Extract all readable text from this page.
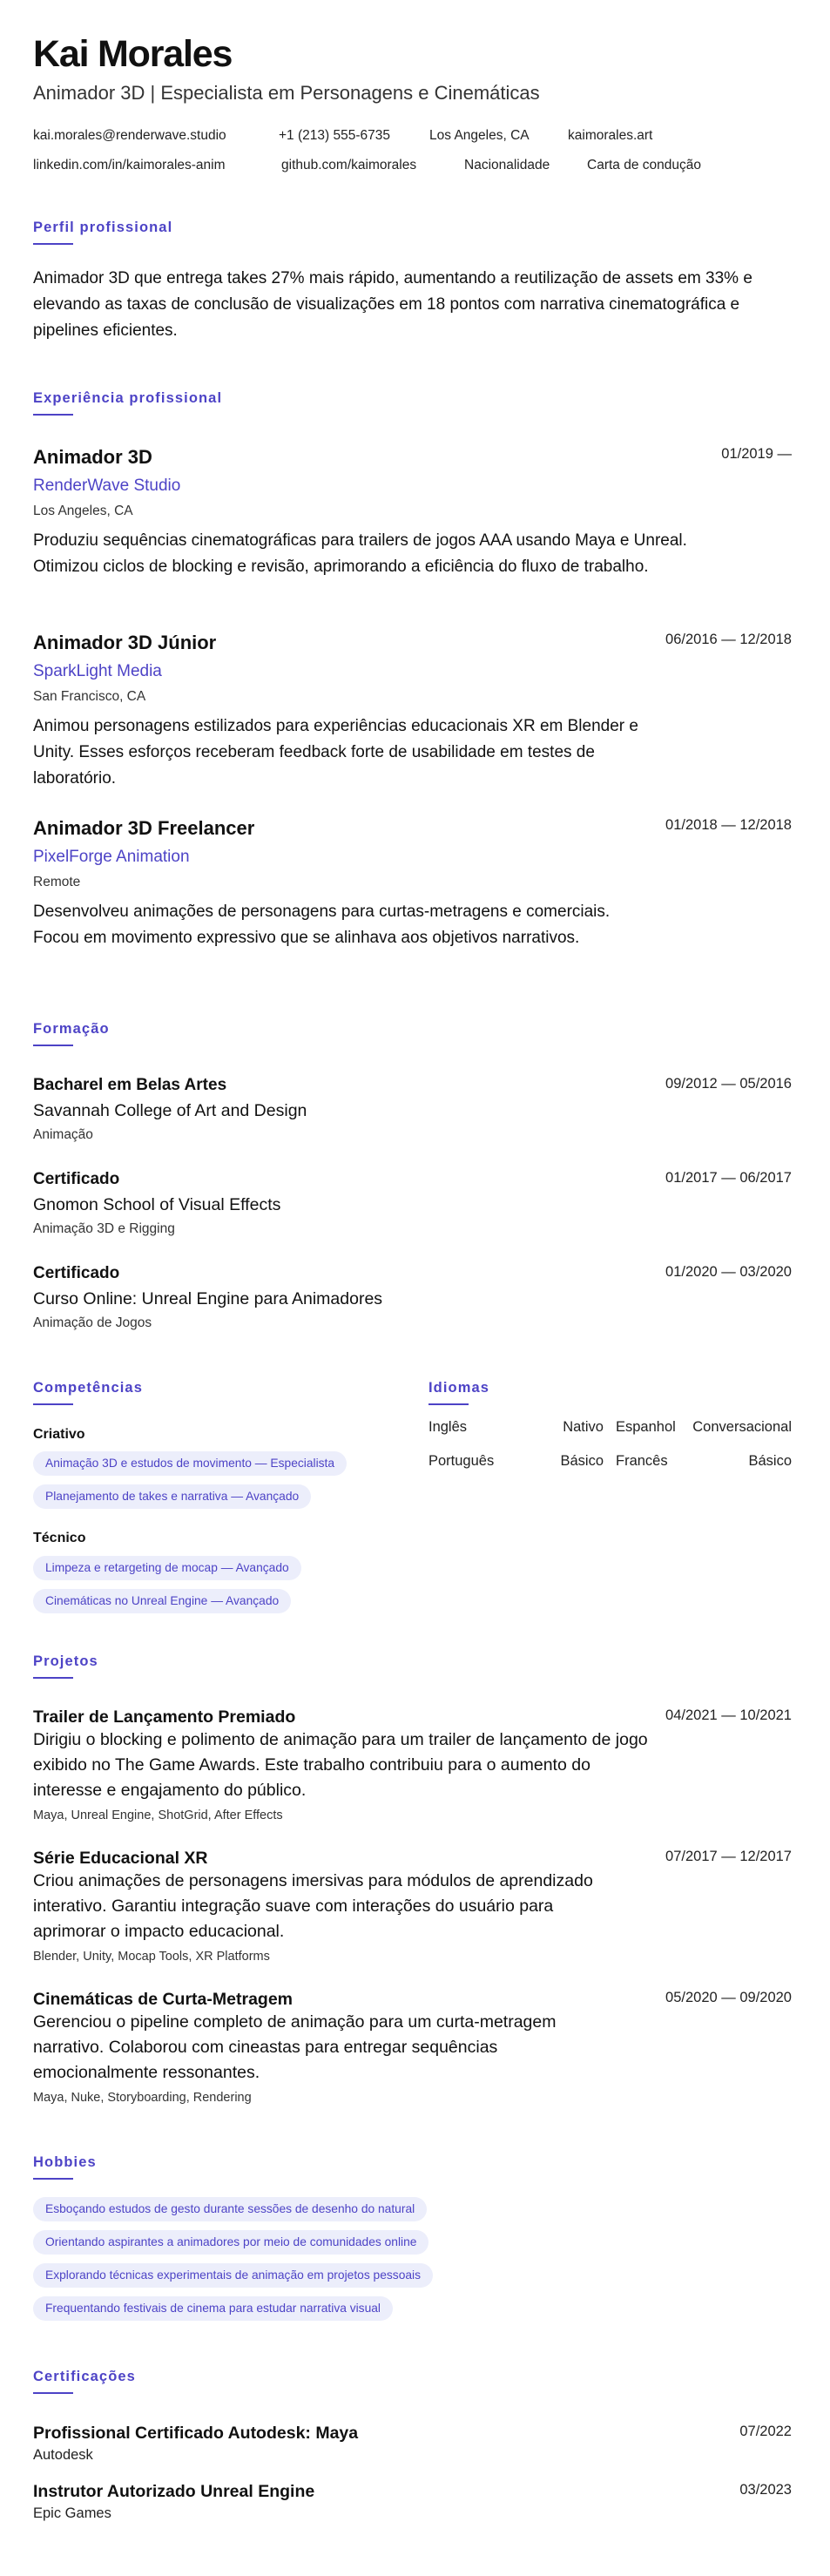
Kai Morales
Animador 3D | Especialista em Personagens e Cinemáticas
kai.morales@renderwave.studio	+1 (213) 555-6735	Los Angeles, CA	kaimorales.art
linkedin.com/in/kaimorales-anim	github.com/kaimorales	Nacionalidade	Carta de condução
Perfil profissional
Animador 3D que entrega takes 27% mais rápido, aumentando a reutilização de assets em 33% e elevando as taxas de conclusão de visualizações em 18 pontos com narrativa cinematográfica e pipelines eficientes.
Experiência profissional
Animador 3D	01/2019 —
RenderWave Studio
Los Angeles, CA
Produziu sequências cinematográficas para trailers de jogos AAA usando Maya e Unreal. Otimizou ciclos de blocking e revisão, aprimorando a eficiência do fluxo de trabalho.
Animador 3D Júnior	06/2016 — 12/2018
SparkLight Media
San Francisco, CA
Animou personagens estilizados para experiências educacionais XR em Blender e Unity. Esses esforços receberam feedback forte de usabilidade em testes de laboratório.
Animador 3D Freelancer	01/2018 — 12/2018
PixelForge Animation
Remote
Desenvolveu animações de personagens para curtas-metragens e comerciais. Focou em movimento expressivo que se alinhava aos objetivos narrativos.
Formação
Bacharel em Belas Artes	09/2012 — 05/2016
Savannah College of Art and Design
Animação
Certificado	01/2017 — 06/2017
Gnomon School of Visual Effects
Animação 3D e Rigging
Certificado	01/2020 — 03/2020
Curso Online: Unreal Engine para Animadores
Animação de Jogos
Competências
Criativo
Animação 3D e estudos de movimento — Especialista
Planejamento de takes e narrativa — Avançado
Técnico
Limpeza e retargeting de mocap — Avançado
Cinemáticas no Unreal Engine — Avançado
Idiomas
Inglês	Nativo Espanhol Conversacional
Português	Básico Francês	Básico
Projetos
Trailer de Lançamento Premiado	04/2021 — 10/2021
Dirigiu o blocking e polimento de animação para um trailer de lançamento de jogo exibido no The Game Awards. Este trabalho contribuiu para o aumento do interesse e engajamento do público.
Maya, Unreal Engine, ShotGrid, After Effects
Série Educacional XR	07/2017 — 12/2017
Criou animações de personagens imersivas para módulos de aprendizado interativo. Garantiu integração suave com interações do usuário para aprimorar o impacto educacional.
Blender, Unity, Mocap Tools, XR Platforms
Cinemáticas de Curta-Metragem	05/2020 — 09/2020
Gerenciou o pipeline completo de animação para um curta-metragem narrativo. Colaborou com cineastas para entregar sequências emocionalmente ressonantes.
Maya, Nuke, Storyboarding, Rendering
Hobbies
Esboçando estudos de gesto durante sessões de desenho do natural
Orientando aspirantes a animadores por meio de comunidades online
Explorando técnicas experimentais de animação em projetos pessoais
Frequentando festivais de cinema para estudar narrativa visual
Certificações
Profissional Certificado Autodesk: Maya	07/2022
Autodesk
Instrutor Autorizado Unreal Engine	03/2023
Epic Games
